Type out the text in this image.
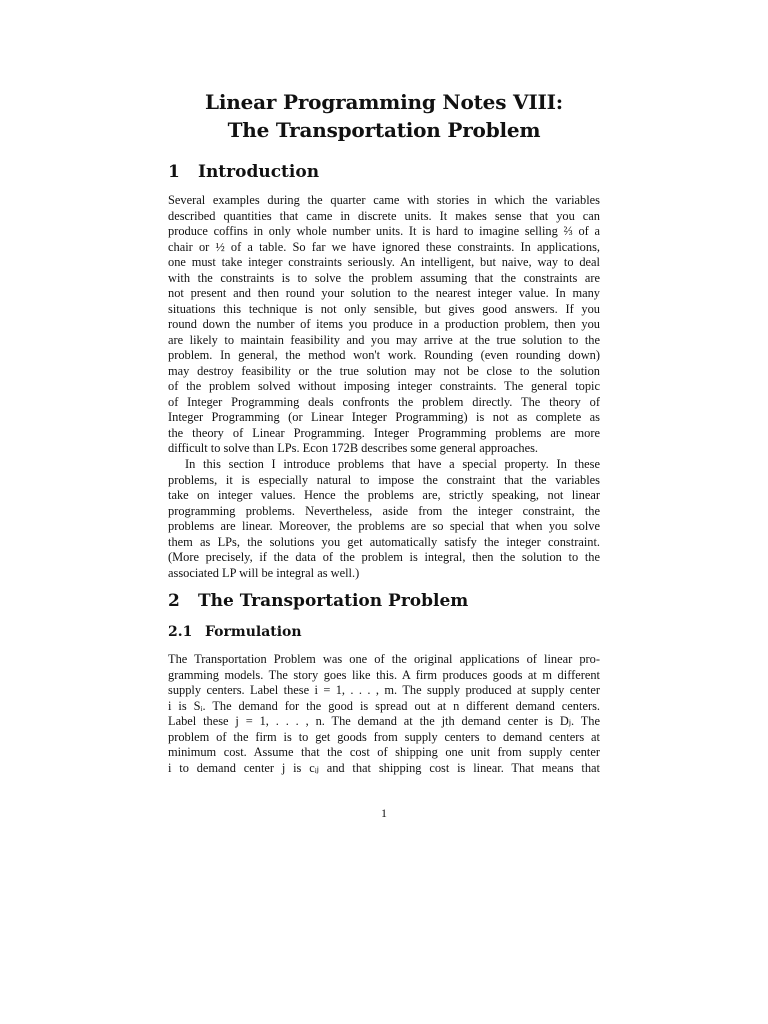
Linear Programming Notes VIII:
The Transportation Problem
1 Introduction
Several examples during the quarter came with stories in which the variables
described quantities that came in discrete units. It makes sense that you can
produce coffins in only whole number units. It is hard to imagine selling ⅔ of a
chair or ½ of a table. So far we have ignored these constraints. In applications,
one must take integer constraints seriously. An intelligent, but naive, way to deal
with the constraints is to solve the problem assuming that the constraints are
not present and then round your solution to the nearest integer value. In many
situations this technique is not only sensible, but gives good answers. If you
round down the number of items you produce in a production problem, then you
are likely to maintain feasibility and you may arrive at the true solution to the
problem. In general, the method won't work. Rounding (even rounding down)
may destroy feasibility or the true solution may not be close to the solution
of the problem solved without imposing integer constraints. The general topic
of Integer Programming deals confronts the problem directly. The theory of
Integer Programming (or Linear Integer Programming) is not as complete as
the theory of Linear Programming. Integer Programming problems are more
difficult to solve than LPs. Econ 172B describes some general approaches.
In this section I introduce problems that have a special property. In these
problems, it is especially natural to impose the constraint that the variables
take on integer values. Hence the problems are, strictly speaking, not linear
programming problems. Nevertheless, aside from the integer constraint, the
problems are linear. Moreover, the problems are so special that when you solve
them as LPs, the solutions you get automatically satisfy the integer constraint.
(More precisely, if the data of the problem is integral, then the solution to the
associated LP will be integral as well.)
2 The Transportation Problem
2.1 Formulation
The Transportation Problem was one of the original applications of linear pro-
gramming models. The story goes like this. A firm produces goods at m different
supply centers. Label these i = 1, . . . , m. The supply produced at supply center
i is Sᵢ. The demand for the good is spread out at n different demand centers.
Label these j = 1, . . . , n. The demand at the jth demand center is Dⱼ. The
problem of the firm is to get goods from supply centers to demand centers at
minimum cost. Assume that the cost of shipping one unit from supply center
i to demand center j is cᵢⱼ and that shipping cost is linear. That means that
1
